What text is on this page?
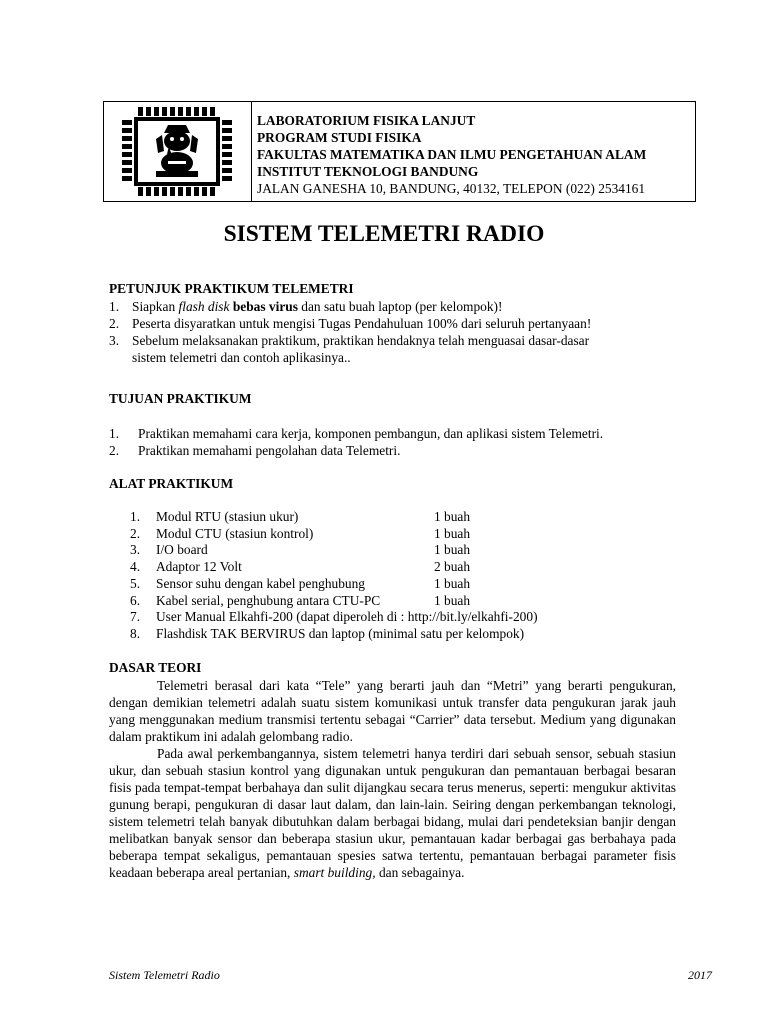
LABORATORIUM FISIKA LANJUT
PROGRAM STUDI FISIKA
FAKULTAS MATEMATIKA DAN ILMU PENGETAHUAN ALAM
INSTITUT TEKNOLOGI BANDUNG
JALAN GANESHA 10, BANDUNG, 40132, TELEPON (022) 2534161
SISTEM TELEMETRI RADIO
PETUNJUK PRAKTIKUM TELEMETRI
1. Siapkan flash disk bebas virus dan satu buah laptop (per kelompok)!
2. Peserta disyaratkan untuk mengisi Tugas Pendahuluan 100% dari seluruh pertanyaan!
3. Sebelum melaksanakan praktikum, praktikan hendaknya telah menguasai dasar-dasar
sistem telemetri dan contoh aplikasinya..
TUJUAN PRAKTIKUM
1.	Praktikan memahami cara kerja, komponen pembangun, dan aplikasi sistem Telemetri.
2.	Praktikan memahami pengolahan data Telemetri.
ALAT PRAKTIKUM
1.	Modul RTU (stasiun ukur)	1 buah
2.	Modul CTU (stasiun kontrol)	1 buah
3.	I/O board	1 buah
4.	Adaptor 12 Volt	2 buah
5.	Sensor suhu dengan kabel penghubung	1 buah
6.	Kabel serial, penghubung antara CTU-PC	1 buah
7.	User Manual Elkahfi-200 (dapat diperoleh di : http://bit.ly/elkahfi-200)
8.	Flashdisk TAK BERVIRUS dan laptop (minimal satu per kelompok)
DASAR TEORI

Telemetri berasal dari kata “Tele” yang berarti jauh dan “Metri” yang berarti pengukuran, dengan demikian telemetri adalah suatu sistem komunikasi untuk transfer data pengukuran jarak jauh yang menggunakan medium transmisi tertentu sebagai “Carrier” data tersebut. Medium yang digunakan dalam praktikum ini adalah gelombang radio.

Pada awal perkembangannya, sistem telemetri hanya terdiri dari sebuah sensor, sebuah stasiun ukur, dan sebuah stasiun kontrol yang digunakan untuk pengukuran dan pemantauan berbagai besaran fisis pada tempat-tempat berbahaya dan sulit dijangkau secara terus menerus, seperti: mengukur aktivitas gunung berapi, pengukuran di dasar laut dalam, dan lain-lain. Seiring dengan perkembangan teknologi, sistem telemetri telah banyak dibutuhkan dalam berbagai bidang, mulai dari pendeteksian banjir dengan melibatkan banyak sensor dan beberapa stasiun ukur, pemantauan kadar berbagai gas berbahaya pada beberapa tempat sekaligus, pemantauan spesies satwa tertentu, pemantauan berbagai parameter fisis keadaan beberapa areal pertanian, smart building, dan sebagainya.

Sistem Telemetri Radio	2017
